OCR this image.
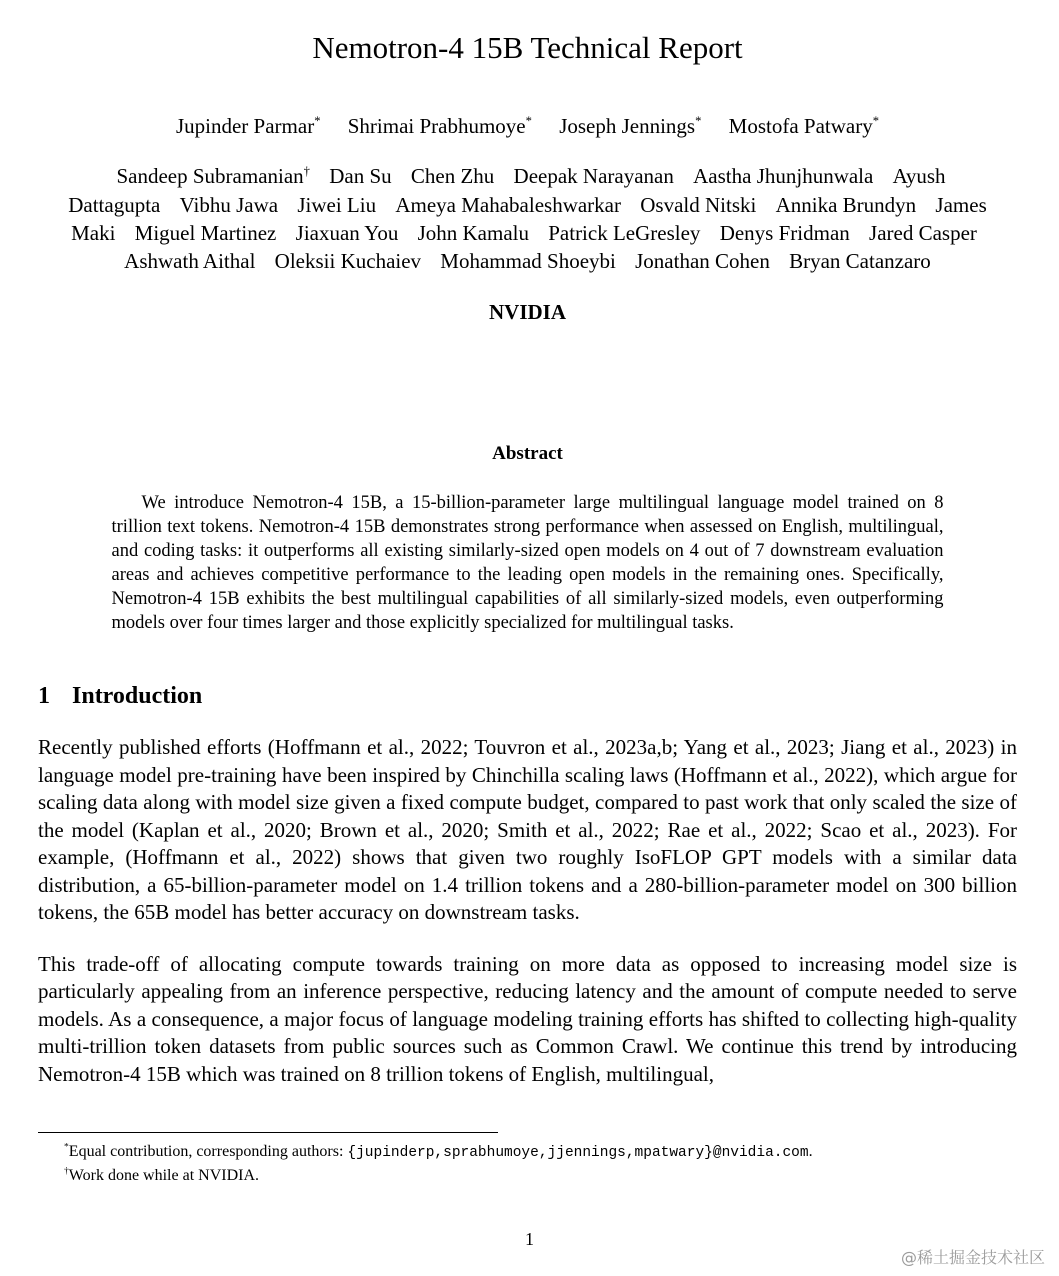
Nemotron-4 15B Technical Report
Jupinder Parmar* Shrimai Prabhumoye* Joseph Jennings* Mostofa Patwary*
Sandeep Subramanian† Dan Su Chen Zhu Deepak Narayanan Aastha Jhunjhunwala Ayush Dattagupta Vibhu Jawa Jiwei Liu Ameya Mahabaleshwarkar Osvald Nitski Annika Brundyn James Maki Miguel Martinez Jiaxuan You John Kamalu Patrick LeGresley Denys Fridman Jared Casper Ashwath Aithal Oleksii Kuchaiev Mohammad Shoeybi Jonathan Cohen Bryan Catanzaro
NVIDIA
Abstract

We introduce Nemotron-4 15B, a 15-billion-parameter large multilingual language model trained on 8 trillion text tokens. Nemotron-4 15B demonstrates strong performance when assessed on English, multilingual, and coding tasks: it outperforms all existing similarly-sized open models on 4 out of 7 downstream evaluation areas and achieves competitive performance to the leading open models in the remaining ones. Specifically, Nemotron-4 15B exhibits the best multilingual capabilities of all similarly-sized models, even outperforming models over four times larger and those explicitly specialized for multilingual tasks.

1 Introduction

Recently published efforts (Hoffmann et al., 2022; Touvron et al., 2023a,b; Yang et al., 2023; Jiang et al., 2023) in language model pre-training have been inspired by Chinchilla scaling laws (Hoffmann et al., 2022), which argue for scaling data along with model size given a fixed compute budget, compared to past work that only scaled the size of the model (Kaplan et al., 2020; Brown et al., 2020; Smith et al., 2022; Rae et al., 2022; Scao et al., 2023). For example, (Hoffmann et al., 2022) shows that given two roughly IsoFLOP GPT models with a similar data distribution, a 65-billion-parameter model on 1.4 trillion tokens and a 280-billion-parameter model on 300 billion tokens, the 65B model has better accuracy on downstream tasks.

This trade-off of allocating compute towards training on more data as opposed to increasing model size is particularly appealing from an inference perspective, reducing latency and the amount of compute needed to serve models. As a consequence, a major focus of language modeling training efforts has shifted to collecting high-quality multi-trillion token datasets from public sources such as Common Crawl. We continue this trend by introducing Nemotron-4 15B which was trained on 8 trillion tokens of English, multilingual,

*Equal contribution, corresponding authors: {jupinderp,sprabhumoye,jjennings,mpatwary}@nvidia.com.
†Work done while at NVIDIA.
1
@稀土掘金技术社区
